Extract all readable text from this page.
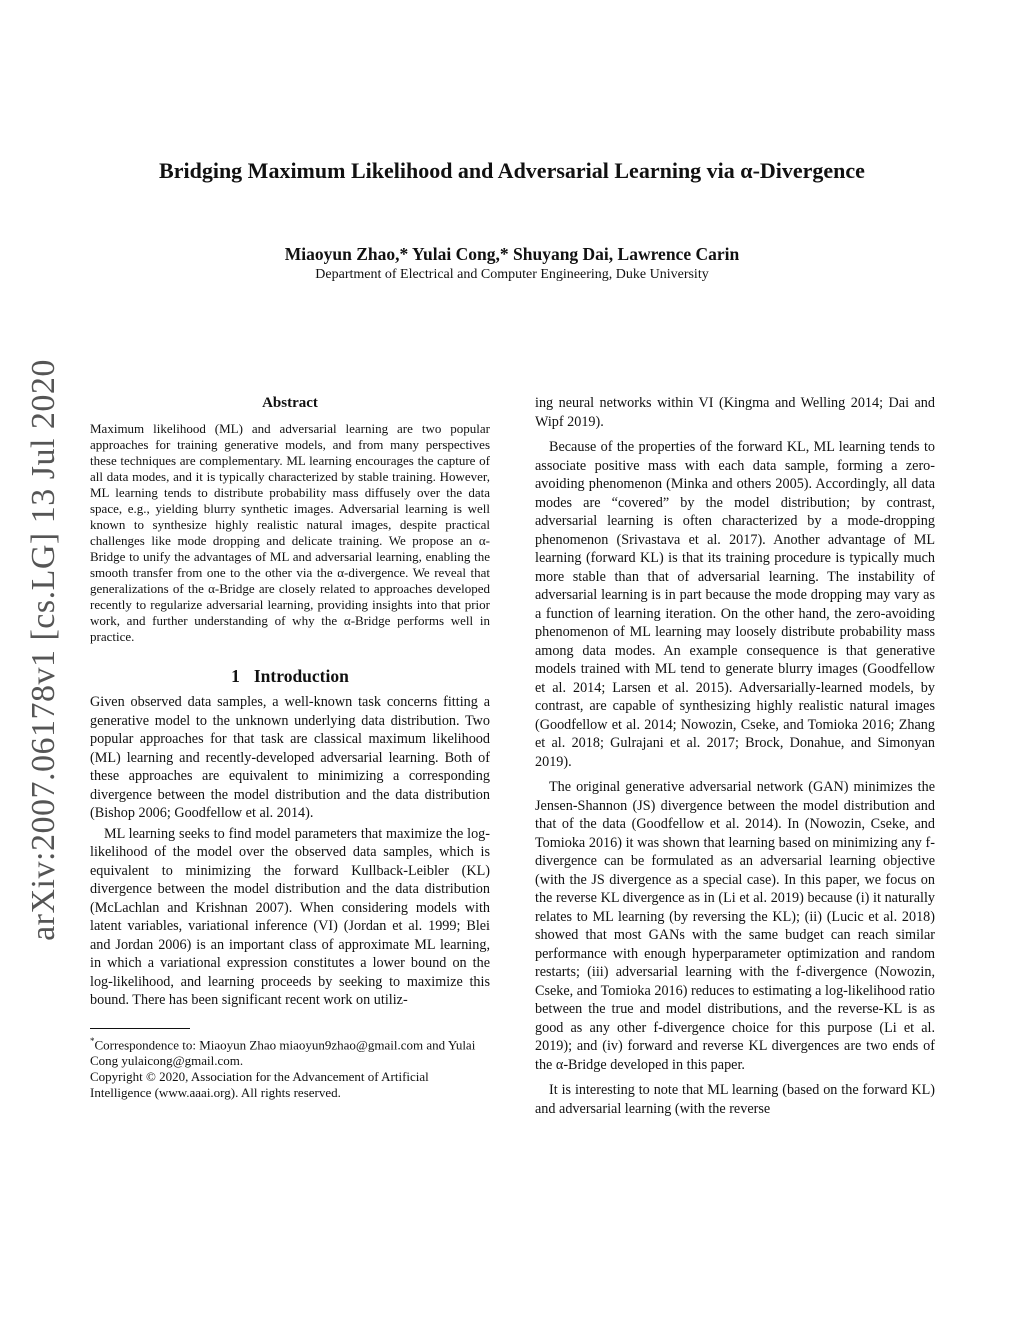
arXiv:2007.06178v1 [cs.LG] 13 Jul 2020
Bridging Maximum Likelihood and Adversarial Learning via α-Divergence
Miaoyun Zhao,* Yulai Cong,* Shuyang Dai, Lawrence Carin
Department of Electrical and Computer Engineering, Duke University
Abstract

Maximum likelihood (ML) and adversarial learning are two popular approaches for training generative models, and from many perspectives these techniques are complementary. ML learning encourages the capture of all data modes, and it is typically characterized by stable training. However, ML learning tends to distribute probability mass diffusely over the data space, e.g., yielding blurry synthetic images. Adversarial learning is well known to synthesize highly realistic natural images, despite practical challenges like mode dropping and delicate training. We propose an α-Bridge to unify the advantages of ML and adversarial learning, enabling the smooth transfer from one to the other via the α-divergence. We reveal that generalizations of the α-Bridge are closely related to approaches developed recently to regularize adversarial learning, providing insights into that prior work, and further understanding of why the α-Bridge performs well in practice.

1 Introduction

Given observed data samples, a well-known task concerns fitting a generative model to the unknown underlying data distribution. Two popular approaches for that task are classical maximum likelihood (ML) learning and recently-developed adversarial learning. Both of these approaches are equivalent to minimizing a corresponding divergence between the model distribution and the data distribution (Bishop 2006; Goodfellow et al. 2014).

ML learning seeks to find model parameters that maximize the log-likelihood of the model over the observed data samples, which is equivalent to minimizing the forward Kullback-Leibler (KL) divergence between the model distribution and the data distribution (McLachlan and Krishnan 2007). When considering models with latent variables, variational inference (VI) (Jordan et al. 1999; Blei and Jordan 2006) is an important class of approximate ML learning, in which a variational expression constitutes a lower bound on the log-likelihood, and learning proceeds by seeking to maximize this bound. There has been significant recent work on utiliz-

*Correspondence to: Miaoyun Zhao miaoyun9zhao@gmail.com and Yulai Cong yulaicong@gmail.com.
Copyright © 2020, Association for the Advancement of Artificial Intelligence (www.aaai.org). All rights reserved.

ing neural networks within VI (Kingma and Welling 2014; Dai and Wipf 2019).

Because of the properties of the forward KL, ML learning tends to associate positive mass with each data sample, forming a zero-avoiding phenomenon (Minka and others 2005). Accordingly, all data modes are “covered” by the model distribution; by contrast, adversarial learning is often characterized by a mode-dropping phenomenon (Srivastava et al. 2017). Another advantage of ML learning (forward KL) is that its training procedure is typically much more stable than that of adversarial learning. The instability of adversarial learning is in part because the mode dropping may vary as a function of learning iteration. On the other hand, the zero-avoiding phenomenon of ML learning may loosely distribute probability mass among data modes. An example consequence is that generative models trained with ML tend to generate blurry images (Goodfellow et al. 2014; Larsen et al. 2015). Adversarially-learned models, by contrast, are capable of synthesizing highly realistic natural images (Goodfellow et al. 2014; Nowozin, Cseke, and Tomioka 2016; Zhang et al. 2018; Gulrajani et al. 2017; Brock, Donahue, and Simonyan 2019).

The original generative adversarial network (GAN) minimizes the Jensen-Shannon (JS) divergence between the model distribution and that of the data (Goodfellow et al. 2014). In (Nowozin, Cseke, and Tomioka 2016) it was shown that learning based on minimizing any f-divergence can be formulated as an adversarial learning objective (with the JS divergence as a special case). In this paper, we focus on the reverse KL divergence as in (Li et al. 2019) because (i) it naturally relates to ML learning (by reversing the KL); (ii) (Lucic et al. 2018) showed that most GANs with the same budget can reach similar performance with enough hyperparameter optimization and random restarts; (iii) adversarial learning with the f-divergence (Nowozin, Cseke, and Tomioka 2016) reduces to estimating a log-likelihood ratio between the true and model distributions, and the reverse-KL is as good as any other f-divergence choice for this purpose (Li et al. 2019); and (iv) forward and reverse KL divergences are two ends of the α-Bridge developed in this paper.

It is interesting to note that ML learning (based on the forward KL) and adversarial learning (with the reverse
